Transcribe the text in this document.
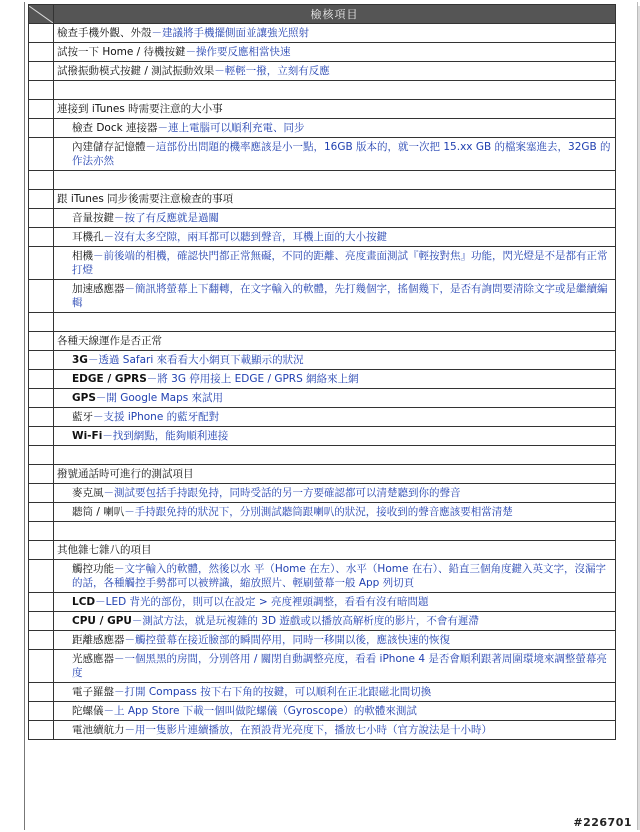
	檢核項目

	檢查手機外觀、外殼－建議將手機擺側面並讓強光照射

	試按一下 Home / 待機按鍵－操作要反應相當快速

	試撥振動模式按鍵 / 測試振動效果－輕輕一撥，立刻有反應

	連接到 iTunes 時需要注意的大小事

	檢查 Dock 連接器－連上電腦可以順利充電、同步

	內建儲存記憶體－這部份出問題的機率應該是小一點，16GB 版本的，就一次把 15.xx GB 的檔案塞進去，32GB 的作法亦然

	跟 iTunes 同步後需要注意檢查的事項

	音量按鍵－按了有反應就是過關

	耳機孔－沒有太多空隙，兩耳都可以聽到聲音，耳機上面的大小按鍵

	相機－前後端的相機，確認快門都正常無礙，不同的距離、亮度畫面測試『輕按對焦』功能，閃光燈是不是都有正常打燈

	加速感應器－簡訊將螢幕上下翻轉，在文字輸入的軟體，先打幾個字，搖個幾下，是否有詢問要清除文字或是繼續編輯

	各種天線運作是否正常

	3G－透過 Safari 來看看大小網頁下載顯示的狀況

	EDGE / GPRS－將 3G 停用接上 EDGE / GPRS 網絡來上網

	GPS－開 Google Maps 來試用

	藍牙－支援 iPhone 的藍牙配對

	Wi-Fi－找到網點，能夠順利連接

	撥號通話時可進行的測試項目

	麥克風－測試要包括手持跟免持，同時受話的另一方要確認都可以清楚聽到你的聲音

	聽筒 / 喇叭－手持跟免持的狀況下，分別測試聽筒跟喇叭的狀況，接收到的聲音應該要相當清楚

	其他雜七雜八的項目

	觸控功能－文字輸入的軟體，然後以水 平（Home 在左）、水平（Home 在右）、鉛直三個角度鍵入英文字，沒漏字的話，各種觸控手勢都可以被辨識，縮放照片、輕刷螢幕一般 App 列切頁

	LCD－LED 背光的部份，則可以在設定 > 亮度裡頭調整，看看有沒有暗問題

	CPU / GPU－測試方法，就是玩複雜的 3D 遊戲或以播放高解析度的影片，不會有遲滯

	距離感應器－觸控螢幕在接近臉部的瞬間停用，同時一移開以後，應該快速的恢復

	光感應器－一個黑黑的房間，分別啓用 / 關閉自動調整亮度，看看 iPhone 4 是否會順利跟著周圍環境來調整螢幕亮度

	電子羅盤－打開 Compass 按下右下角的按鍵，可以順利在正北跟磁北間切換

	陀螺儀－上 App Store 下載一個叫做陀螺儀（Gyroscope）的軟體來測試

	電池續航力－用一隻影片連續播放，在預設背光亮度下，播放七小時（官方說法是十小時）
#226701
